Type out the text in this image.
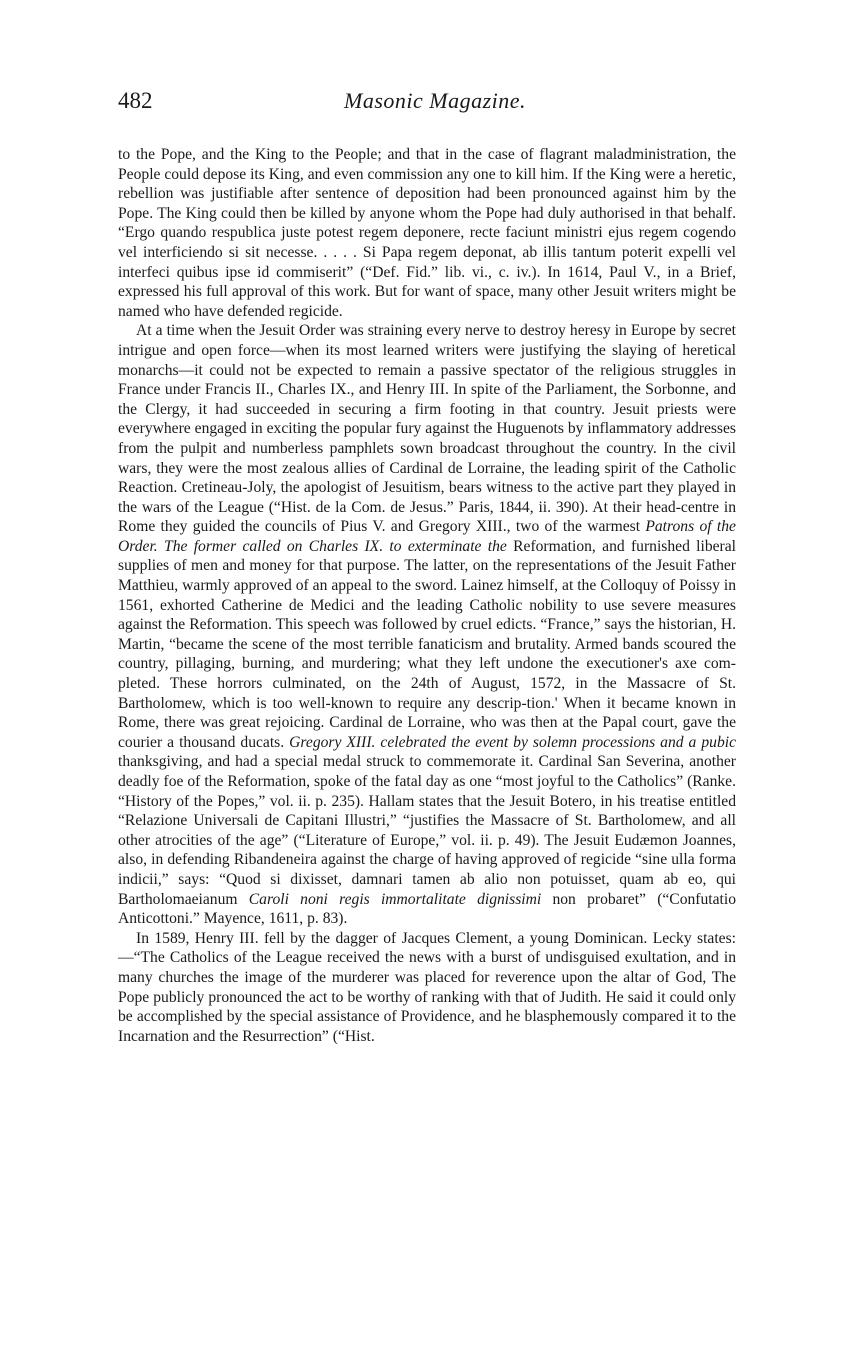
482	Masonic Magazine.

to the Pope, and the King to the People; and that in the case of flagrant maladministration, the People could depose its King, and even commission any one to kill him. If the King were a heretic, rebellion was justifiable after sentence of deposition had been pronounced against him by the Pope. The King could then be killed by anyone whom the Pope had duly authorised in that behalf. “Ergo quando respublica juste potest regem deponere, recte faciunt ministri ejus regem cogendo vel interficiendo si sit necesse. . . . . Si Papa regem deponat, ab illis tantum poterit expelli vel interfeci quibus ipse id commiserit” (“Def. Fid.” lib. vi., c. iv.). In 1614, Paul V., in a Brief, expressed his full approval of this work. But for want of space, many other Jesuit writers might be named who have defended regicide.

At a time when the Jesuit Order was straining every nerve to destroy heresy in Europe by secret intrigue and open force—when its most learned writers were justifying the slaying of heretical monarchs—it could not be expected to remain a passive spectator of the religious struggles in France under Francis II., Charles IX., and Henry III. In spite of the Parliament, the Sorbonne, and the Clergy, it had succeeded in securing a firm footing in that country. Jesuit priests were everywhere engaged in exciting the popular fury against the Huguenots by inflammatory addresses from the pulpit and numberless pamphlets sown broadcast throughout the country. In the civil wars, they were the most zealous allies of Cardinal de Lorraine, the leading spirit of the Catholic Reaction. Cretineau-Joly, the apologist of Jesuitism, bears witness to the active part they played in the wars of the League (“Hist. de la Com. de Jesus.” Paris, 1844, ii. 390). At their head-centre in Rome they guided the councils of Pius V. and Gregory XIII., two of the warmest Patrons of the Order. The former called on Charles IX. to exterminate the Reformation, and furnished liberal supplies of men and money for that purpose. The latter, on the representations of the Jesuit Father Matthieu, warmly approved of an appeal to the sword. Lainez himself, at the Colloquy of Poissy in 1561, exhorted Catherine de Medici and the leading Catholic nobility to use severe measures against the Reformation. This speech was followed by cruel edicts. “France,” says the historian, H. Martin, “became the scene of the most terrible fanaticism and brutality. Armed bands scoured the country, pillaging, burning, and murdering; what they left undone the executioner's axe com-pleted. These horrors culminated, on the 24th of August, 1572, in the Massacre of St. Bartholomew, which is too well-known to require any descrip-tion.' When it became known in Rome, there was great rejoicing. Cardinal de Lorraine, who was then at the Papal court, gave the courier a thousand ducats. Gregory XIII. celebrated the event by solemn processions and a pubic thanksgiving, and had a special medal struck to commemorate it. Cardinal San Severina, another deadly foe of the Reformation, spoke of the fatal day as one “most joyful to the Catholics” (Ranke. “History of the Popes,” vol. ii. p. 235). Hallam states that the Jesuit Botero, in his treatise entitled “Relazione Universali de Capitani Illustri,” “justifies the Massacre of St. Bartholomew, and all other atrocities of the age” (“Literature of Europe,” vol. ii. p. 49). The Jesuit Eudæmon Joannes, also, in defending Ribandeneira against the charge of having approved of regicide “sine ulla forma indicii,” says: “Quod si dixisset, damnari tamen ab alio non potuisset, quam ab eo, qui Bartholomaeianum Caroli noni regis immortalitate dignissimi non probaret” (“Confutatio Anticottoni.” Mayence, 1611, p. 83).

In 1589, Henry III. fell by the dagger of Jacques Clement, a young Dominican. Lecky states:—“The Catholics of the League received the news with a burst of undisguised exultation, and in many churches the image of the murderer was placed for reverence upon the altar of God, The Pope publicly pronounced the act to be worthy of ranking with that of Judith. He said it could only be accomplished by the special assistance of Providence, and he blasphemously compared it to the Incarnation and the Resurrection” (“Hist.
